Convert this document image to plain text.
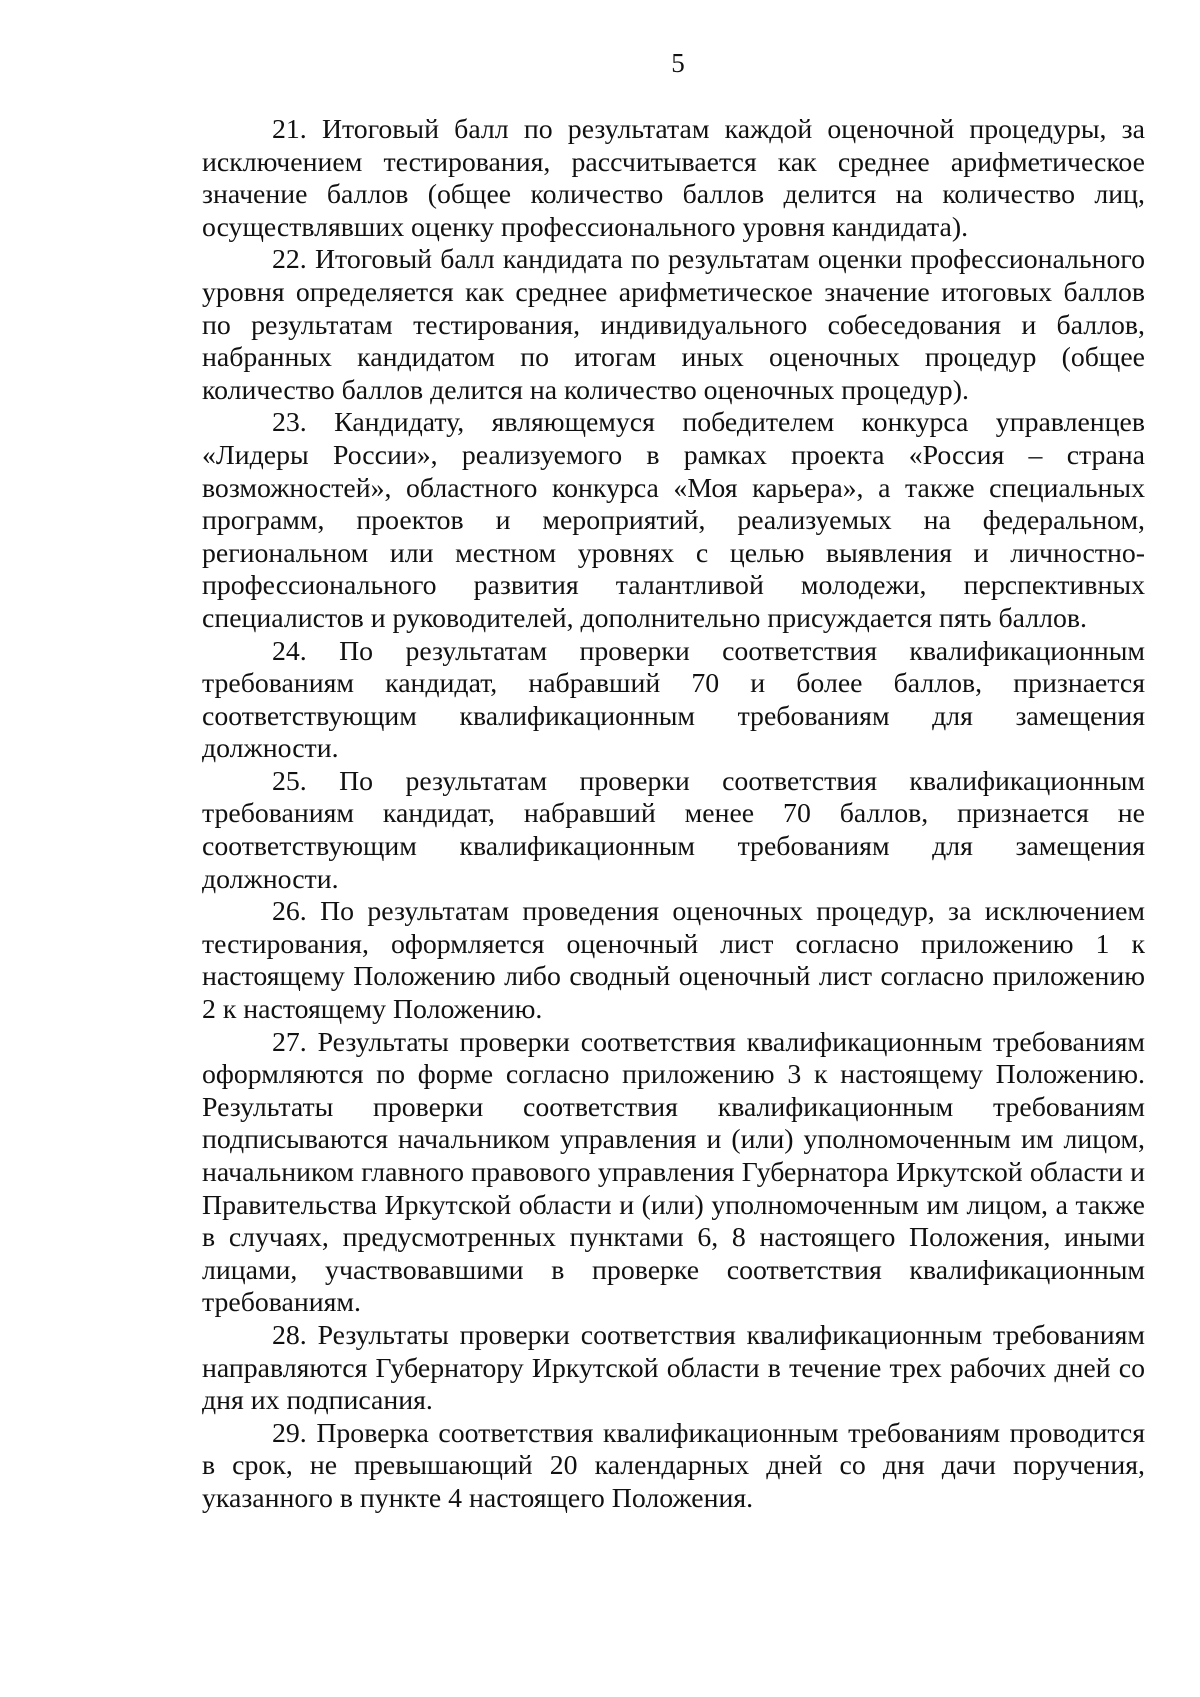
5

21. Итоговый балл по результатам каждой оценочной процедуры, за исключением тестирования, рассчитывается как среднее арифметическое значение баллов (общее количество баллов делится на количество лиц, осуществлявших оценку профессионального уровня кандидата).

22. Итоговый балл кандидата по результатам оценки профессионального уровня определяется как среднее арифметическое значение итоговых баллов по результатам тестирования, индивидуального собеседования и баллов, набранных кандидатом по итогам иных оценочных процедур (общее количество баллов делится на количество оценочных процедур).

23. Кандидату, являющемуся победителем конкурса управленцев «Лидеры России», реализуемого в рамках проекта «Россия – страна возможностей», областного конкурса «Моя карьера», а также специальных программ, проектов и мероприятий, реализуемых на федеральном, региональном или местном уровнях с целью выявления и личностно-профессионального развития талантливой молодежи, перспективных специалистов и руководителей, дополнительно присуждается пять баллов.

24. По результатам проверки соответствия квалификационным требованиям кандидат, набравший 70 и более баллов, признается соответствующим квалификационным требованиям для замещения должности.

25. По результатам проверки соответствия квалификационным требованиям кандидат, набравший менее 70 баллов, признается не соответствующим квалификационным требованиям для замещения должности.

26. По результатам проведения оценочных процедур, за исключением тестирования, оформляется оценочный лист согласно приложению 1 к настоящему Положению либо сводный оценочный лист согласно приложению 2 к настоящему Положению.

27. Результаты проверки соответствия квалификационным требованиям оформляются по форме согласно приложению 3 к настоящему Положению. Результаты проверки соответствия квалификационным требованиям подписываются начальником управления и (или) уполномоченным им лицом, начальником главного правового управления Губернатора Иркутской области и Правительства Иркутской области и (или) уполномоченным им лицом, а также в случаях, предусмотренных пунктами 6, 8 настоящего Положения, иными лицами, участвовавшими в проверке соответствия квалификационным требованиям.

28. Результаты проверки соответствия квалификационным требованиям направляются Губернатору Иркутской области в течение трех рабочих дней со дня их подписания.

29. Проверка соответствия квалификационным требованиям проводится в срок, не превышающий 20 календарных дней со дня дачи поручения, указанного в пункте 4 настоящего Положения.
